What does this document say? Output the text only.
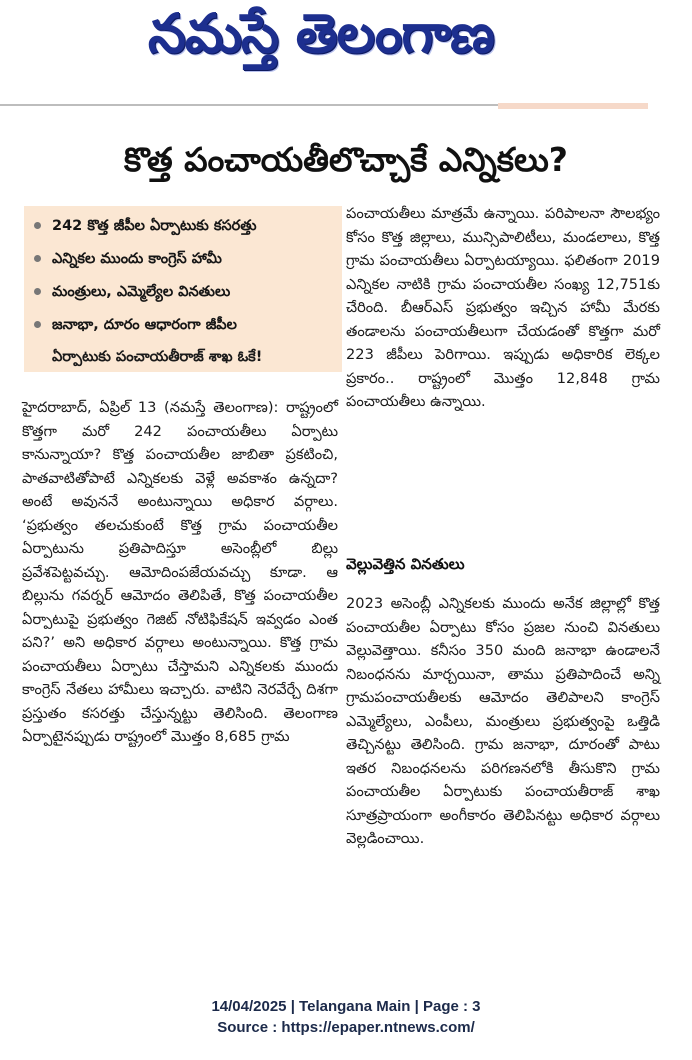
నమస్తే తెలంగాణ
కొత్త పంచాయతీలొచ్చాకే ఎన్నికలు?
242 కొత్త జీపీల ఏర్పాటుకు కసరత్తు
ఎన్నికల ముందు కాంగ్రెస్‌ హామీ
మంత్రులు, ఎమ్మెల్యేల వినతులు
జనాభా, దూరం ఆధారంగా జీపీల
ఏర్పాటుకు పంచాయతీరాజ్‌ శాఖ ఓకే!
హైదరాబాద్‌, ఏప్రిల్‌ 13 (నమస్తే తెలంగాణ): రాష్ట్రంలో కొత్తగా మరో 242 పంచాయతీలు ఏర్పాటు కానున్నాయా? కొత్త పంచాయతీల జాబితా ప్రకటించి, పాతవాటితోపాటే ఎన్నికలకు వెళ్లే అవకాశం ఉన్నదా? అంటే అవుననే అంటున్నాయి అధికార వర్గాలు. ‘ప్రభుత్వం తలచుకుంటే కొత్త గ్రామ పంచాయతీల ఏర్పాటును ప్రతిపాదిస్తూ అసెంబ్లీలో బిల్లు ప్రవేశపెట్టవచ్చు. ఆమోదింపజేయవచ్చు కూడా. ఆ బిల్లును గవర్నర్‌ ఆమోదం తెలిపితే, కొత్త పంచాయతీల ఏర్పాటుపై ప్రభుత్వం గెజిట్‌ నోటిఫికేషన్‌ ఇవ్వడం ఎంత పని?’ అని అధికార వర్గాలు అంటున్నాయి. కొత్త గ్రామ పంచాయతీలు ఏర్పాటు చేస్తామని ఎన్నికలకు ముందు కాంగ్రెస్‌ నేతలు హామీలు ఇచ్చారు. వాటిని నెరవేర్చే దిశగా ప్రస్తుతం కసరత్తు చేస్తున్నట్టు తెలిసింది. తెలంగాణ ఏర్పాటైనప్పుడు రాష్ట్రంలో మొత్తం 8,685 గ్రామ
పంచాయతీలు మాత్రమే ఉన్నాయి. పరిపాలనా సౌలభ్యం కోసం కొత్త జిల్లాలు, మున్సిపాలిటీలు, మండలాలు, కొత్త గ్రామ పంచాయతీలు ఏర్పాటయ్యాయి. ఫలితంగా 2019 ఎన్నికల నాటికి గ్రామ పంచాయతీల సంఖ్య 12,751కు చేరింది. బీఆర్‌ఎస్‌ ప్రభుత్వం ఇచ్చిన హామీ మేరకు తండాలను పంచాయతీలుగా చేయడంతో కొత్తగా మరో 223 జీపీలు పెరిగాయి. ఇప్పుడు అధికారిక లెక్కల ప్రకారం.. రాష్ట్రంలో మొత్తం 12,848 గ్రామ పంచాయతీలు ఉన్నాయి.
వెల్లువెత్తిన వినతులు
2023 అసెంబ్లీ ఎన్నికలకు ముందు అనేక జిల్లాల్లో కొత్త పంచాయతీల ఏర్పాటు కోసం ప్రజల నుంచి వినతులు వెల్లువెత్తాయి. కనీసం 350 మంది జనాభా ఉండాలనే నిబంధనను మార్చయినా, తాము ప్రతిపాదించే అన్ని గ్రామపంచాయతీలకు ఆమోదం తెలిపాలని కాంగ్రెస్‌ ఎమ్మెల్యేలు, ఎంపీలు, మంత్రులు ప్రభుత్వంపై ఒత్తిడి తెచ్చినట్టు తెలిసింది. గ్రామ జనాభా, దూరంతో పాటు ఇతర నిబంధనలను పరిగణనలోకి తీసుకొని గ్రామ పంచాయతీల ఏర్పాటుకు పంచాయతీరాజ్‌ శాఖ సూత్రప్రాయంగా అంగీకారం తెలిపినట్టు అధికార వర్గాలు వెల్లడించాయి.
14/04/2025 | Telangana Main | Page : 3
Source : https://epaper.ntnews.com/
